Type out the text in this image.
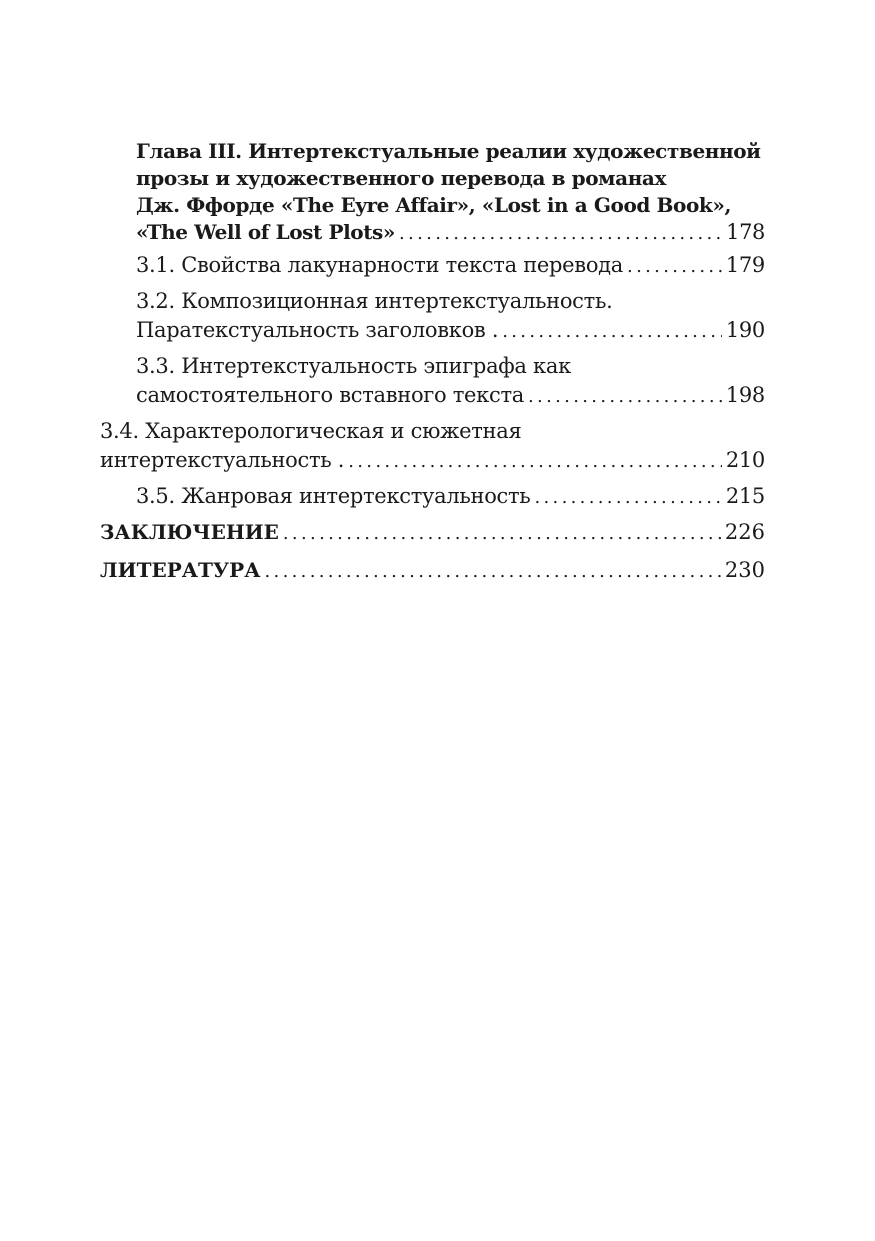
Глава III. Интертекстуальные реалии художественной
прозы и художественного перевода в романах
Дж. Ффорде «The Eyre Affair», «Lost in a Good Book»,
«The Well of Lost Plots» . . .	178
3.1. Свойства лакунарности текста перевода . . .	179
3.2. Композиционная интертекстуальность.
Паратекстуальность заголовков . . . .	190
3.3. Интертекстуальность эпиграфа как
самостоятельного вставного текста . . .	198
3.4. Характерологическая и сюжетная
интертекстуальность . . . .	210
3.5. Жанровая интертекстуальность . . .	215
ЗАКЛЮЧЕНИЕ . . .	226
ЛИТЕРАТУРА . . .	230
